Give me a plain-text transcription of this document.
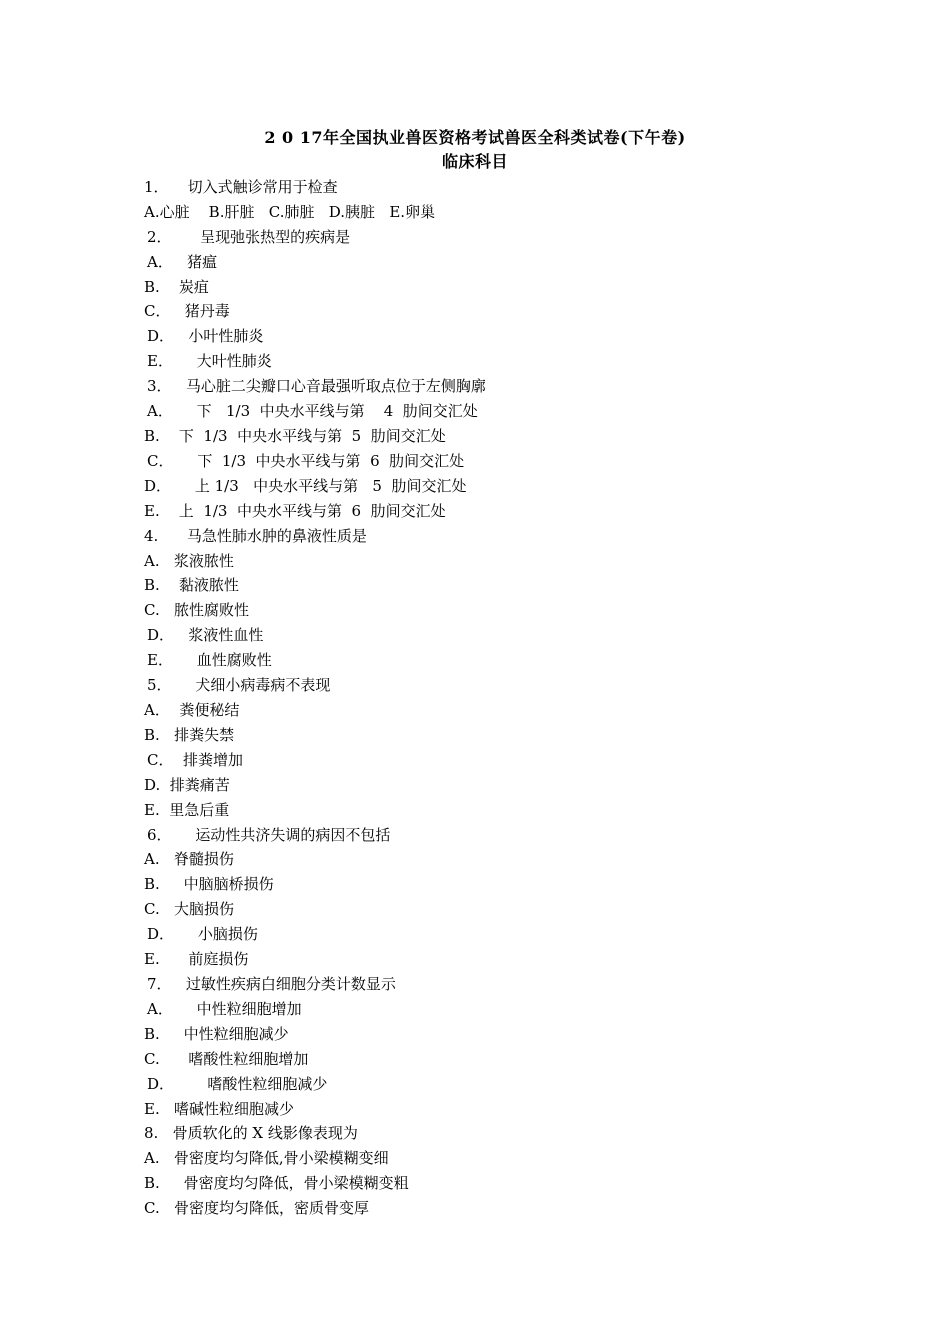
2 0 17年全国执业兽医资格考试兽医全科类试卷(下午卷)
临床科目
1．    切入式触诊常用于检查
A.心脏    B.肝脏   C.肺脏   D.胰脏   E.卵巢
2．      呈现弛张热型的疾病是
A．   猪瘟
B.    炭疽
C．   猪丹毒
D．   小叶性肺炎
E．     大叶性肺炎
3．   马心脏二尖瓣口心音最强听取点位于左侧胸廓
A．     下   1/3  中央水平线与第    4  肋间交汇处
B.    下  1/3  中央水平线与第  5  肋间交汇处
C．     下  1/3  中央水平线与第  6  肋间交汇处
D．     上 1/3   中央水平线与第   5  肋间交汇处
E.    上  1/3  中央水平线与第  6  肋间交汇处
4.      马急性肺水肿的鼻液性质是
A.   浆液脓性
B.    黏液脓性
C.   脓性腐败性
D．   浆液性血性
E．     血性腐败性
5．     犬细小病毒病不表现
A．  粪便秘结
B.   排粪失禁
C．  排粪增加
D.  排粪痛苦
E.  里急后重
6．     运动性共济失调的病因不包括
A.   脊髓损伤
B.     中脑脑桥损伤
C.   大脑损伤
D．     小脑损伤
E.      前庭损伤
7．   过敏性疾病白细胞分类计数显示
A．     中性粒细胞增加
B.     中性粒细胞减少
C.      嗜酸性粒细胞增加
D．       嗜酸性粒细胞减少
E.   嗜碱性粒细胞减少
8.   骨质软化的 X 线影像表现为
A.   骨密度均匀降低,骨小梁模糊变细
B.     骨密度均匀降低，骨小梁模糊变粗
C.   骨密度均匀降低，密质骨变厚
